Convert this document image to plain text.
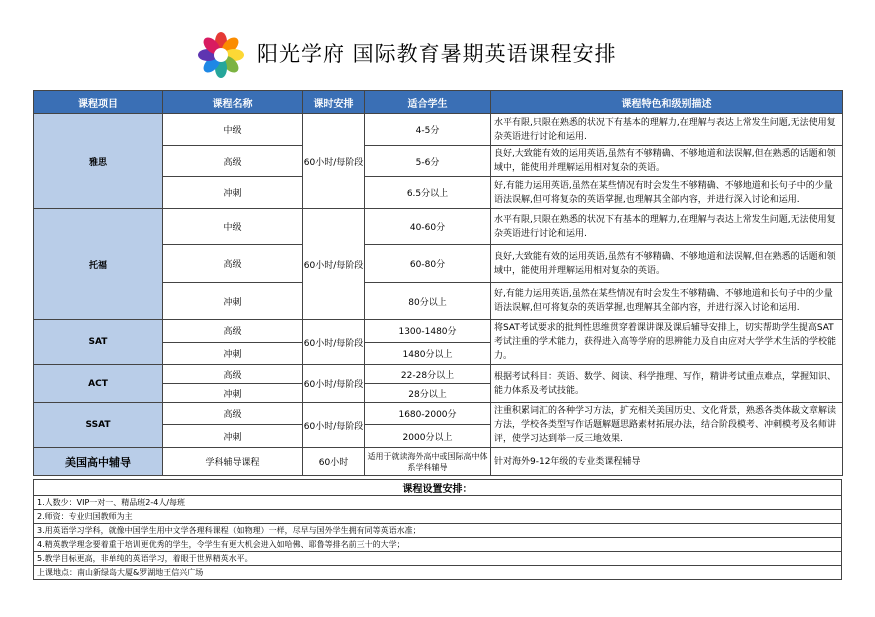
阳光学府 国际教育暑期英语课程安排
课程项目	课程名称	课时安排	适合学生	课程特色和级别描述
雅思	中级	60小时/每阶段	4-5分	水平有限,只限在熟悉的状况下有基本的理解力,在理解与表达上常发生问题,无法使用复杂英语进行讨论和运用.
	高级		5-6分	良好,大致能有效的运用英语,虽然有不够精确、不够地道和法误解,但在熟悉的话题和领域中，能使用并理解运用相对复杂的英语。
	冲刺		6.5分以上	好,有能力运用英语,虽然在某些情况有时会发生不够精确、不够地道和长句子中的少量语法误解,但可将复杂的英语掌握,也理解其全部内容，并进行深入讨论和运用.
托福	中级	60小时/每阶段	40-60分	水平有限,只限在熟悉的状况下有基本的理解力,在理解与表达上常发生问题,无法使用复杂英语进行讨论和运用.
	高级		60-80分	良好,大致能有效的运用英语,虽然有不够精确、不够地道和法误解,但在熟悉的话题和领域中，能使用并理解运用相对复杂的英语。
	冲刺		80分以上	好,有能力运用英语,虽然在某些情况有时会发生不够精确、不够地道和长句子中的少量语法误解,但可将复杂的英语掌握,也理解其全部内容，并进行深入讨论和运用.
SAT	高级	60小时/每阶段	1300-1480分	将SAT考试要求的批判性思维贯穿着课讲课及课后辅导安排上，切实帮助学生提高SAT考试注重的学术能力，获得进入高等学府的思辨能力及自由应对大学学术生活的学校能力。
	冲刺		1480分以上	
ACT	高级	60小时/每阶段	22-28分以上	根据考试科目：英语、数学、阅读、科学推理、写作，精讲考试重点难点，掌握知识、能力体系及考试技能。
	冲刺		28分以上	
SSAT	高级	60小时/每阶段	1680-2000分	注重积累词汇的各种学习方法，扩充相关美国历史、文化背景，熟悉各类体裁文章解读方法，学校各类型写作话题解题思路素材拓展办法，结合阶段模考、冲刺模考及名师讲评，使学习达到举一反三地效果.
	冲刺		2000分以上	
美国高中辅导	学科辅导课程	60小时	适用于就读海外高中或国际高中体系学科辅导	针对海外9-12年级的专业类课程辅导
课程设置安排：
1.人数少：VIP一对一、精品班2-4人/每班
2.师资：专业归国教师为主
3.用英语学习学科，就像中国学生用中文学各理科课程（如物理）一样，尽早与国外学生拥有同等英语水准；
4.精英教学理念要着重于培训更优秀的学生，令学生有更大机会进入如哈佛、耶鲁等排名前三十的大学；
5.教学目标更高，非单纯的英语学习，着眼于世界精英水平。
上课地点：南山新绿岛大厦&罗湖地王信兴广场
